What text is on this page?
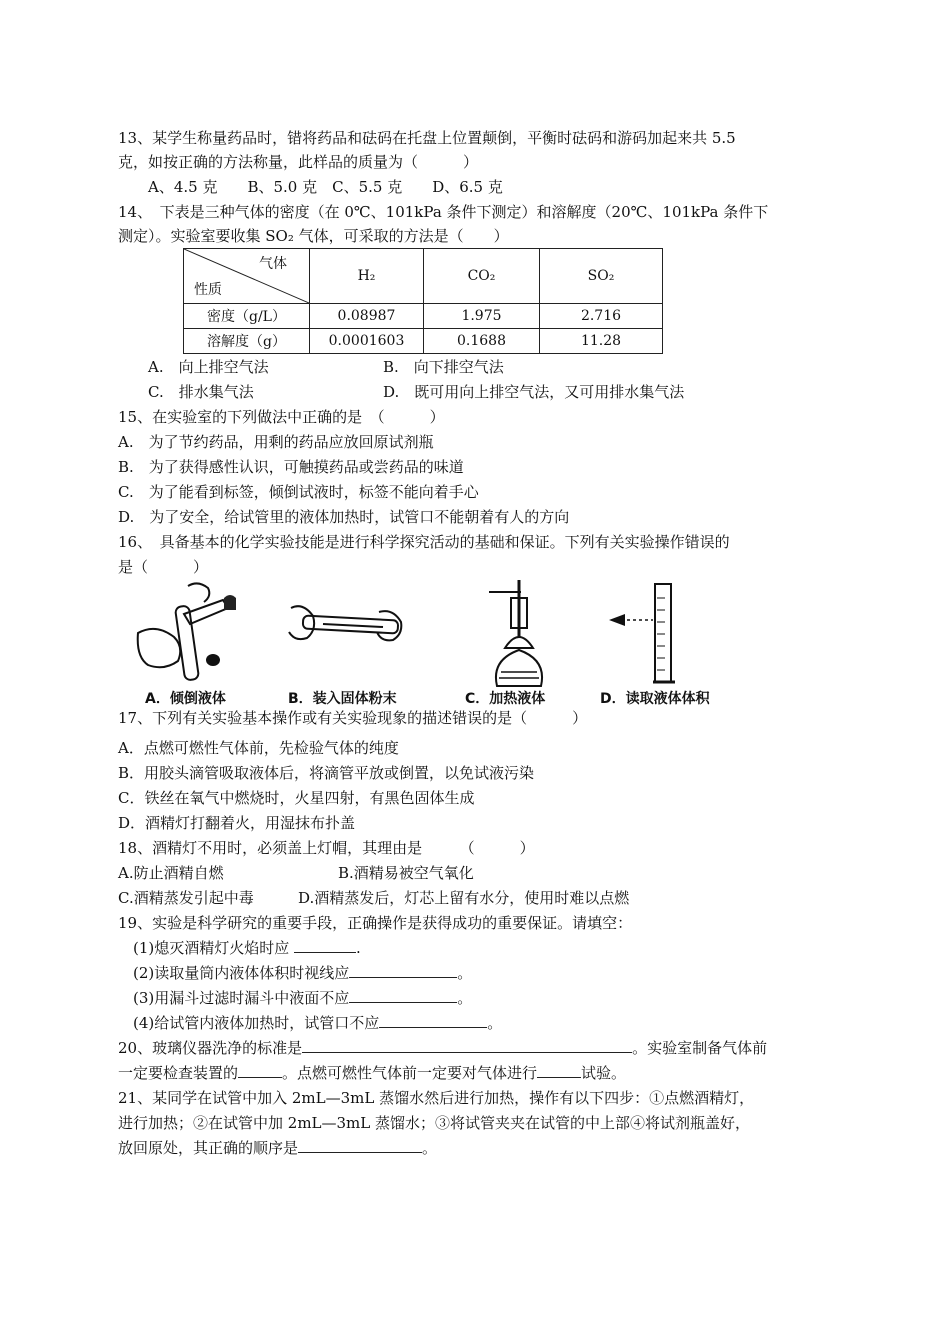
13、某学生称量药品时，错将药品和砝码在托盘上位置颠倒，平衡时砝码和游码加起来共 5.5
克，如按正确的方法称量，此样品的质量为（　　　）
A、4.5 克　　B、5.0 克　C、5.5 克　　D、6.5 克
14、　下表是三种气体的密度（在 0℃、101kPa 条件下测定）和溶解度（20℃、101kPa 条件下
测定）。实验室要收集 SO₂ 气体，可采取的方法是（　　）
气体
性质	H₂	CO₂	SO₂
密度（g/L）	0.08987	1.975	2.716
溶解度（g）	0.0001603	0.1688	11.28
A.　向上排空气法	B.　向下排空气法
C.　排水集气法	D.　既可用向上排空气法，又可用排水集气法
15、在实验室的下列做法中正确的是　（　　　）
A.　为了节约药品，用剩的药品应放回原试剂瓶
B.　为了获得感性认识，可触摸药品或尝药品的味道
C.　为了能看到标签，倾倒试液时，标签不能向着手心
D.　为了安全，给试管里的液体加热时，试管口不能朝着有人的方向
16、　具备基本的化学实验技能是进行科学探究活动的基础和保证。下列有关实验操作错误的
是（　　　）
A．倾倒液体	B．装入固体粉末	C．加热液体	D．读取液体体积
17、下列有关实验基本操作或有关实验现象的描述错误的是（　　　）
A．点燃可燃性气体前，先检验气体的纯度
B．用胶头滴管吸取液体后，将滴管平放或倒置，以免试液污染
C．铁丝在氧气中燃烧时，火星四射，有黑色固体生成
D．酒精灯打翻着火，用湿抹布扑盖
18、酒精灯不用时，必须盖上灯帽，其理由是　　　（　　　）
A.防止酒精自燃	B.酒精易被空气氧化
C.酒精蒸发引起中毒	D.酒精蒸发后，灯芯上留有水分，使用时难以点燃
19、实验是科学研究的重要手段，正确操作是获得成功的重要保证。请填空：
(1)熄灭酒精灯火焰时应	.
(2)读取量筒内液体体积时视线应	。
(3)用漏斗过滤时漏斗中液面不应	。
(4)给试管内液体加热时，试管口不应	。
20、玻璃仪器洗净的标准是	。实验室制备气体前
一定要检查装置的	。点燃可燃性气体前一定要对气体进行	试验。
21、某同学在试管中加入 2mL—3mL 蒸馏水然后进行加热，操作有以下四步：①点燃酒精灯，
进行加热；②在试管中加 2mL—3mL 蒸馏水；③将试管夹夹在试管的中上部④将试剂瓶盖好，
放回原处，其正确的顺序是	。
